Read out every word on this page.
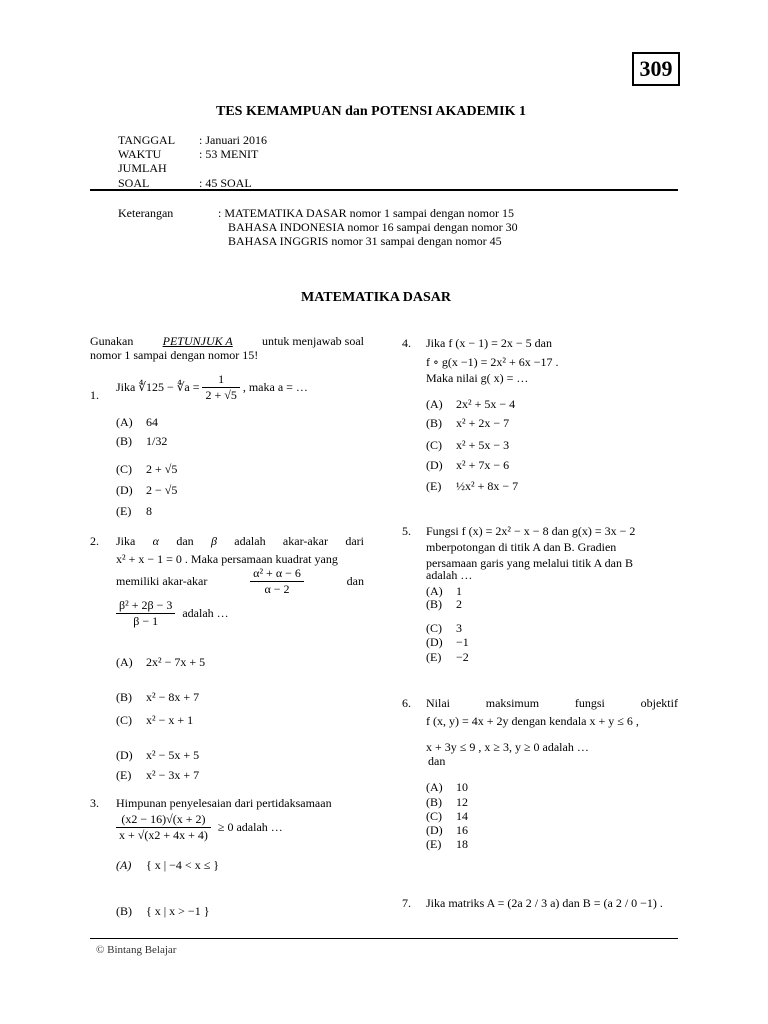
309
TES KEMAMPUAN dan POTENSI AKADEMIK 1
TANGGAL : Januari 2016
WAKTU	: 53 MENIT
JUMLAH SOAL	: 45 SOAL
Keterangan	: MATEMATIKA DASAR nomor 1 sampai dengan nomor 15
BAHASA INDONESIA nomor 16 sampai dengan nomor 30
BAHASA INGGRIS nomor 31 sampai dengan nomor 45
MATEMATIKA DASAR
Gunakan PETUNJUK A untuk menjawab soal
nomor 1 sampai dengan nomor 15!
1.
Jika ∜125 − ∜a = $\frac{1}{2 + √5}$ , maka a = …
(A) 64
(B) 1/32
(C) 2 + √5
(D) 2 − √5
(E) 8
2. Jika α dan β adalah akar-akar dari
x² + x − 1 = 0 . Maka persamaan kuadrat yang
memiliki akar-akar	$\frac{\text{α² + α − 6}}{\alpha - 2}$	dan
$\frac{\text{β² + 2β − 3}}{\beta - 1}$ adalah …
(A) 2x² − 7x + 5
(B) x² − 8x + 7
(C) x² − x + 1
(D) x² − 5x + 5
(E) x² − 3x + 7
3. Himpunan penyelesaian dari pertidaksamaan
$\frac{(x2 - 16)√(x + 2)}{x + √(x2 + 4x + 4)} \ge 0$ adalah …
(A) { x | −4 < x ≤ }
(B) { x | x > −1 }
4. Jika f (x − 1) = 2x − 5 dan
f ∘ g(x −1) = 2x² + 6x −17 .
Maka nilai g( x) = …
(A) 2x² + 5x − 4
(B) x² + 2x − 7
(C) x² + 5x − 3
(D) x² + 7x − 6
(E) ½x² + 8x − 7
5. Fungsi f (x) = 2x² − x − 8 dan g(x) = 3x − 2
mberpotongan di titik A dan B. Gradien
persamaan garis yang melalui titik A dan B
adalah …
(A) 1
(B) 2
(C) 3
(D) −1
(E) −2
6. Nilai	maksimum	fungsi	objektif
f (x, y) = 4x + 2y dengan kendala x + y ≤ 6 ,
x + 3y ≤ 9 , x ≥ 3, y ≥ 0 adalah …
dan
(A) 10
(B) 12
(C) 14
(D) 16
(E) 18
7. Jika matriks A = (2a 2 / 3 a) dan B = (a 2 / 0 −1) .
© Bintang Belajar
